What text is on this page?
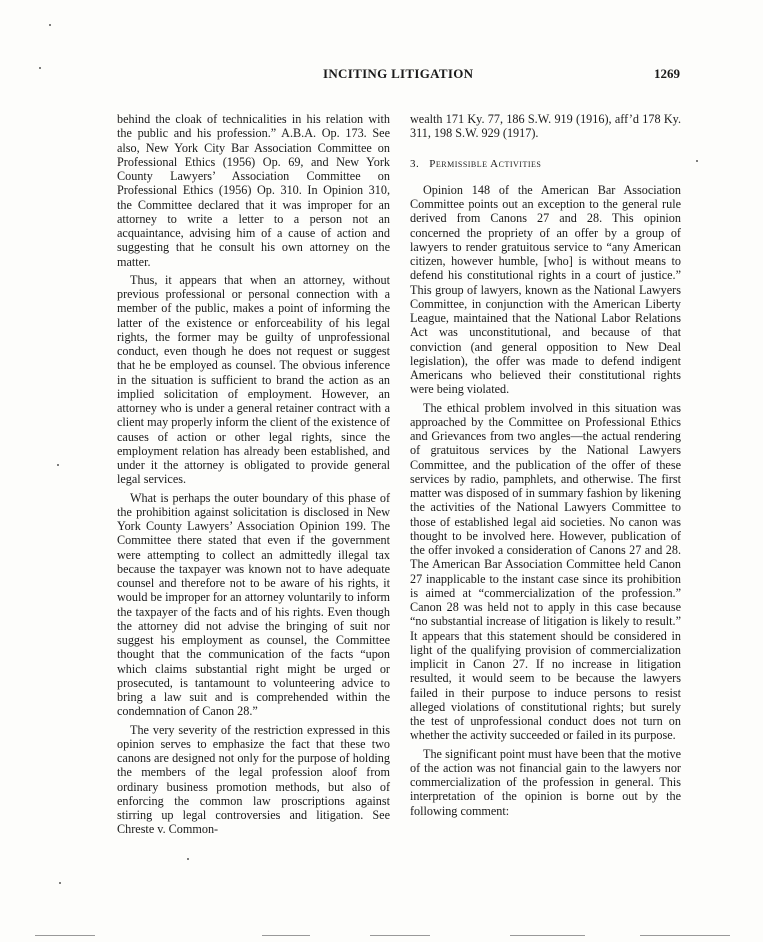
INCITING LITIGATION	1269

behind the cloak of technicalities in his relation with the public and his profession.” A.B.A. Op. 173. See also, New York City Bar Association Committee on Professional Ethics (1956) Op. 69, and New York County Lawyers’ Association Committee on Professional Ethics (1956) Op. 310. In Opinion 310, the Committee declared that it was improper for an attorney to write a letter to a person not an acquaintance, advising him of a cause of action and suggesting that he consult his own attorney on the matter.

Thus, it appears that when an attorney, without previous professional or personal connection with a member of the public, makes a point of informing the latter of the existence or enforceability of his legal rights, the former may be guilty of unprofessional conduct, even though he does not request or suggest that he be employed as counsel. The obvious inference in the situation is sufficient to brand the action as an implied solicitation of employment. However, an attorney who is under a general retainer contract with a client may properly inform the client of the existence of causes of action or other legal rights, since the employment relation has already been established, and under it the attorney is obligated to provide general legal services.

What is perhaps the outer boundary of this phase of the prohibition against solicitation is disclosed in New York County Lawyers’ Association Opinion 199. The Committee there stated that even if the government were attempting to collect an admittedly illegal tax because the taxpayer was known not to have adequate counsel and therefore not to be aware of his rights, it would be improper for an attorney voluntarily to inform the taxpayer of the facts and of his rights. Even though the attorney did not advise the bringing of suit nor suggest his employment as counsel, the Committee thought that the communication of the facts “upon which claims substantial right might be urged or prosecuted, is tantamount to volunteering advice to bring a law suit and is comprehended within the condemnation of Canon 28.”

The very severity of the restriction expressed in this opinion serves to emphasize the fact that these two canons are designed not only for the purpose of holding the members of the legal profession aloof from ordinary business promotion methods, but also of enforcing the common law proscriptions against stirring up legal controversies and litigation. See Chreste v. Common-

wealth 171 Ky. 77, 186 S.W. 919 (1916), aff’d 178 Ky. 311, 198 S.W. 929 (1917).

3. Permissible Activities

Opinion 148 of the American Bar Association Committee points out an exception to the general rule derived from Canons 27 and 28. This opinion concerned the propriety of an offer by a group of lawyers to render gratuitous service to “any American citizen, however humble, [who] is without means to defend his constitutional rights in a court of justice.” This group of lawyers, known as the National Lawyers Committee, in conjunction with the American Liberty League, maintained that the National Labor Relations Act was unconstitutional, and because of that conviction (and general opposition to New Deal legislation), the offer was made to defend indigent Americans who believed their constitutional rights were being violated.

The ethical problem involved in this situation was approached by the Committee on Professional Ethics and Grievances from two angles—the actual rendering of gratuitous services by the National Lawyers Committee, and the publication of the offer of these services by radio, pamphlets, and otherwise. The first matter was disposed of in summary fashion by likening the activities of the National Lawyers Committee to those of established legal aid societies. No canon was thought to be involved here. However, publication of the offer invoked a consideration of Canons 27 and 28. The American Bar Association Committee held Canon 27 inapplicable to the instant case since its prohibition is aimed at “commercialization of the profession.” Canon 28 was held not to apply in this case because “no substantial increase of litigation is likely to result.” It appears that this statement should be considered in light of the qualifying provision of commercialization implicit in Canon 27. If no increase in litigation resulted, it would seem to be because the lawyers failed in their purpose to induce persons to resist alleged violations of constitutional rights; but surely the test of unprofessional conduct does not turn on whether the activity succeeded or failed in its purpose.

The significant point must have been that the motive of the action was not financial gain to the lawyers nor commercialization of the profession in general. This interpretation of the opinion is borne out by the following comment:
